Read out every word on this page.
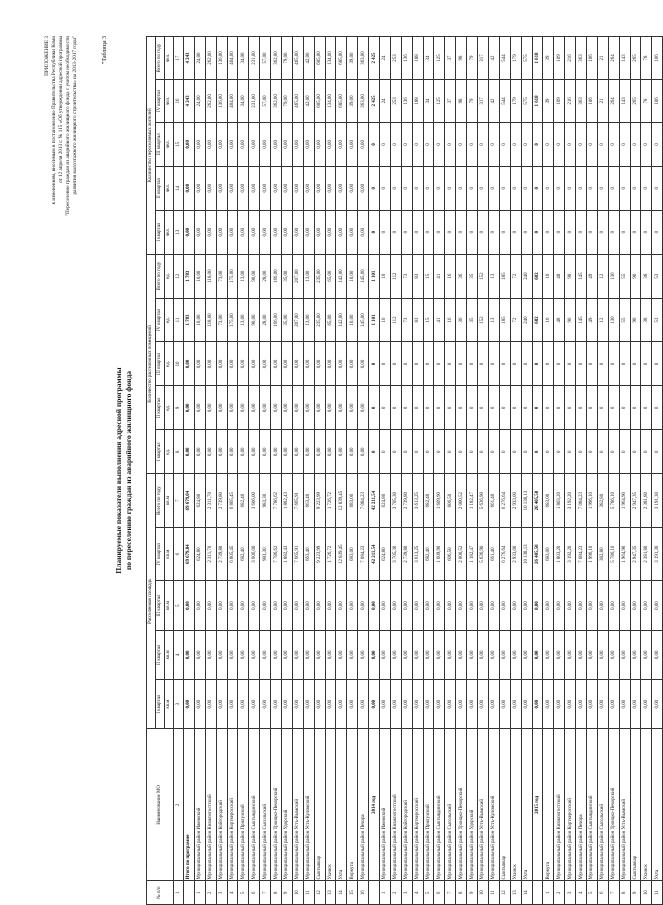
ПРИЛОЖЕНИЕ 3 к изменениям, вносимым в постановление Правительства Республики Коми от 12 апреля 2013 г. № 115 «Об утверждении адресной программы "Переселение граждан из аварийного жилищного фонда с учетом необходимости развития малоэтажного жилищного строительства» на 2013-2017 годы"	"Таблица 3
Планируемые показатели выполнения адресной программы по переселению граждан из аварийного жилищного фонда
№ п/п	Наименование МО	Расселяемая площадь					Количество расселенных помещений					Количество переселяемых жителей				
		I квартал	II квартал	III квартал	IV квартал	Всего по году	I квартал	II квартал	III квартал	IV квартал	Всего по году	I квартал	II квартал	III квартал	IV квартал	Всего по году
		кв.м	кв.м	кв.м	кв.м	кв.м	ед.	ед.	ед.	ед.	ед.	чел.	чел.	чел.	чел.	чел.
1	2	3	4	5	6	7	8	9	10	11	12	13	14	15	16	17
	Итого по программе	0,00	0,00	0,00	69 679,04	69 679,04	0,00	0,00	0,00	1 783	1 783	0,00	0,00	0,00	4 243	4 243
1	Муниципальный район Ижемский	0,00	0,00	0,00	624,80	624,80	0,00	0,00	0,00	10,00	10,00	0,00	0,00	0,00	24,00	24,00
2	Муниципальный район Княжпогостский	0,00	0,00	0,00	2 311,70	2 311,70	0,00	0,00	0,00	118,00	118,00	0,00	0,00	0,00	262,00	262,00
3	Муниципальный район Койгородский	0,00	0,00	0,00	2 739,80	2 739,80	0,00	0,00	0,00	73,00	73,00	0,00	0,00	0,00	136,00	136,00
4	Муниципальный район Корткеросский	0,00	0,00	0,00	6 805,45	6 805,45	0,00	0,00	0,00	175,00	175,00	0,00	0,00	0,00	404,00	404,00
5	Муниципальный район Прилузский	0,00	0,00	0,00	682,40	682,40	0,00	0,00	0,00	13,00	13,00	0,00	0,00	0,00	34,00	34,00
6	Муниципальный район Сыктывдинский	0,00	0,00	0,00	3 606,00	3 606,00	0,00	0,00	0,00	90,00	90,00	0,00	0,00	0,00	231,00	231,00
7	Муниципальный район Сысольский	0,00	0,00	0,00	983,30	983,30	0,00	0,00	0,00	28,00	28,00	0,00	0,00	0,00	57,00	57,00
8	Муниципальный район Троицко-Печорский	0,00	0,00	0,00	7 786,62	7 786,62	0,00	0,00	0,00	166,00	166,00	0,00	0,00	0,00	362,00	362,00
9	Муниципальный район Удорский	0,00	0,00	0,00	1 882,43	1 882,43	0,00	0,00	0,00	35,00	35,00	0,00	0,00	0,00	79,00	79,00
10	Муниципальный район Усть-Вымский	0,00	0,00	0,00	7 665,91	7 665,91	0,00	0,00	0,00	207,00	207,00	0,00	0,00	0,00	465,00	465,00
11	Муниципальный район Усть-Куломский	0,00	0,00	0,00	663,40	663,40	0,00	0,00	0,00	13,00	13,00	0,00	0,00	0,00	42,00	42,00
12	Сыктывкар	0,00	0,00	0,00	9 223,99	9 223,99	0,00	0,00	0,00	235,00	235,00	0,00	0,00	0,00	605,00	605,00
13	Ухинск	0,00	0,00	0,00	1 726,72	1 726,72	0,00	0,00	0,00	65,00	65,00	0,00	0,00	0,00	134,00	134,00
14	Ухта	0,00	0,00	0,00	12 839,45	12 839,45	0,00	0,00	0,00	142,00	142,00	0,00	0,00	0,00	685,00	685,00
15	Воркута	0,00	0,00	0,00	683,00	683,00	0,00	0,00	0,00	10,00	10,00	0,00	0,00	0,00	39,00	39,00
16	Муниципальный район Печора	0,00	0,00	0,00	7 084,23	7 084,23	0,00	0,00	0,00	145,00	145,00	0,00	0,00	0,00	363,00	363,00
	2014 год	0,00	0,00	0,00	42 211,54	42 211,54	0	0	0	1 101	1 101	0	0	0	2 425	2 425
1	Муниципальный район Ижемский	0,00	0,00	0,00	624,80	624,80	0	0	0	10	10	0	0	0	24	24
2	Муниципальный район Княжпогостский	0,00	0,00	0,00	3 705,30	3 705,30	0	0	0	112	112	0	0	0	253	253
3	Муниципальный район Койгородский	0,00	0,00	0,00	2 739,80	2 739,80	0	0	0	73	73	0	0	0	136	136
4	Муниципальный район Корткеросский	0,00	0,00	0,00	3 613,25	3 613,25	0	0	0	83	83	0	0	0	188	188
5	Муниципальный район Прилузский	0,00	0,00	0,00	682,40	682,40	0	0	0	15	15	0	0	0	34	34
6	Муниципальный район Сыктывдинский	0,00	0,00	0,00	1 609,90	1 609,90	0	0	0	41	41	0	0	0	125	125
7	Муниципальный район Сысольский	0,00	0,00	0,00	606,50	606,50	0	0	0	16	16	0	0	0	37	37
8	Муниципальный район Троицко-Печорский	0,00	0,00	0,00	2 000,52	2 000,52	0	0	0	36	36	0	0	0	98	98
9	Муниципальный район Удорский	0,00	0,00	0,00	1 182,47	1 182,47	0	0	0	35	35	0	0	0	79	79
10	Муниципальный район Усть-Вымский	0,00	0,00	0,00	5 636,90	5 636,90	0	0	0	152	152	0	0	0	317	317
11	Муниципальный район Усть-Куломский	0,00	0,00	0,00	661,40	661,40	0	0	0	13	13	0	0	0	42	42
12	Сыктывкар	0,00	0,00	0,00	6 276,64	6 276,64	0	0	0	185	185	0	0	0	544	544
13	Ухинск	0,00	0,00	0,00	2 933,00	2 933,00	0	0	0	72	72	0	0	0	179	179
14	Ухта	0,00	0,00	0,00	10 138,13	10 138,13	0	0	0	240	240	0	0	0	575	575
	2015 год	0,00	0,00	0,00	26 405,50	26 405,50	0	0	0	682	682	0	0	0	1 618	1 618
1	Воркута	0,00	0,00	0,00	683,00	683,00	0	0	0	10	10	0	0	0	39	39
2	Муниципальный район Княжпогостский	0,00	0,00	0,00	1 803,20	1 803,20	0	0	0	48	48	0	0	0	109	109
3	Муниципальный район Корткеросский	0,00	0,00	0,00	3 192,20	3 192,20	0	0	0	90	90	0	0	0	216	216
4	Муниципальный район Печора	0,00	0,00	0,00	7 084,23	7 084,23	0	0	0	145	145	0	0	0	363	363
5	Муниципальный район Сыктывдинский	0,00	0,00	0,00	1 996,10	1 996,10	0	0	0	49	49	0	0	0	106	106
6	Муниципальный район Сысольский	0,00	0,00	0,00	382,80	382,80	0	0	0	12	12	0	0	0	21	21
7	Муниципальный район Троицко-Печорский	0,00	0,00	0,00	5 786,10	5 786,10	0	0	0	130	130	0	0	0	264	264
8	Муниципальный район Усть-Вымский	0,00	0,00	0,00	1 964,90	1 964,90	0	0	0	55	55	0	0	0	143	143
9	Сыктывкар	0,00	0,00	0,00	2 947,35	2 947,35	0	0	0	90	90	0	0	0	265	265
10	Ухинск	0,00	0,00	0,00	2 381,80	2 381,80	0	0	0	38	38	0	0	0	78	78
11	Ухта	0,00	0,00	0,00	3 191,30	3 191,30	0	0	0	53	53	0	0	0	106	106
